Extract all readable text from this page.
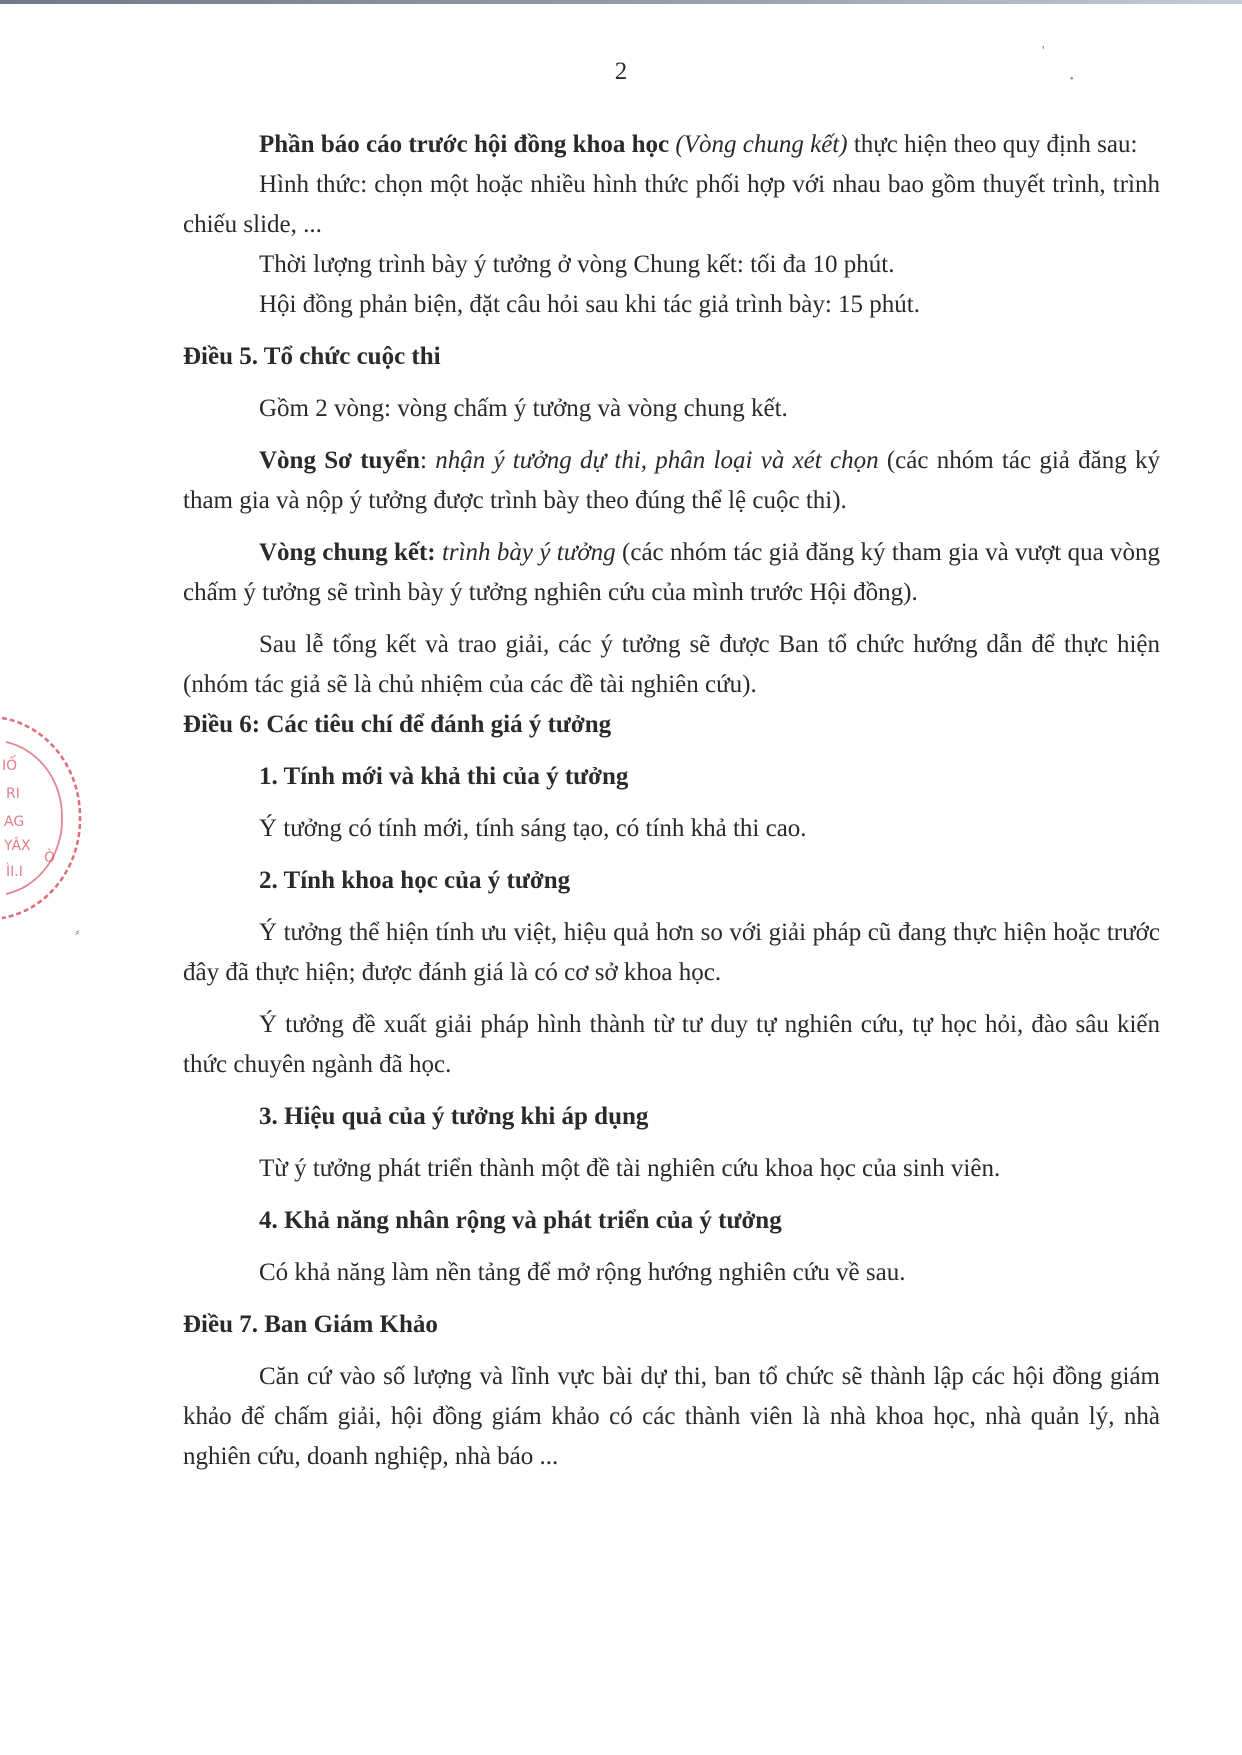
2
'
•
⸗
IỐ
RI
AG
YÂX
ÌI.I
Ò

Phần báo cáo trước hội đồng khoa học (Vòng chung kết) thực hiện theo quy định sau:

Hình thức: chọn một hoặc nhiều hình thức phối hợp với nhau bao gồm thuyết trình, trình chiếu slide, ...

Thời lượng trình bày ý tưởng ở vòng Chung kết: tối đa 10 phút.

Hội đồng phản biện, đặt câu hỏi sau khi tác giả trình bày: 15 phút.

Điều 5. Tổ chức cuộc thi

Gồm 2 vòng: vòng chấm ý tưởng và vòng chung kết.

Vòng Sơ tuyển: nhận ý tưởng dự thi, phân loại và xét chọn (các nhóm tác giả đăng ký tham gia và nộp ý tưởng được trình bày theo đúng thể lệ cuộc thi).

Vòng chung kết: trình bày ý tưởng (các nhóm tác giả đăng ký tham gia và vượt qua vòng chấm ý tưởng sẽ trình bày ý tưởng nghiên cứu của mình trước Hội đồng).

Sau lễ tổng kết và trao giải, các ý tưởng sẽ được Ban tổ chức hướng dẫn để thực hiện (nhóm tác giả sẽ là chủ nhiệm của các đề tài nghiên cứu).

Điều 6: Các tiêu chí để đánh giá ý tưởng

1. Tính mới và khả thi của ý tưởng

Ý tưởng có tính mới, tính sáng tạo, có tính khả thi cao.

2. Tính khoa học của ý tưởng

Ý tưởng thể hiện tính ưu việt, hiệu quả hơn so với giải pháp cũ đang thực hiện hoặc trước đây đã thực hiện; được đánh giá là có cơ sở khoa học.

Ý tưởng đề xuất giải pháp hình thành từ tư duy tự nghiên cứu, tự học hỏi, đào sâu kiến thức chuyên ngành đã học.

3. Hiệu quả của ý tưởng khi áp dụng

Từ ý tưởng phát triển thành một đề tài nghiên cứu khoa học của sinh viên.

4. Khả năng nhân rộng và phát triển của ý tưởng

Có khả năng làm nền tảng để mở rộng hướng nghiên cứu về sau.

Điều 7. Ban Giám Khảo

Căn cứ vào số lượng và lĩnh vực bài dự thi, ban tổ chức sẽ thành lập các hội đồng giám khảo để chấm giải, hội đồng giám khảo có các thành viên là nhà khoa học, nhà quản lý, nhà nghiên cứu, doanh nghiệp, nhà báo ...
